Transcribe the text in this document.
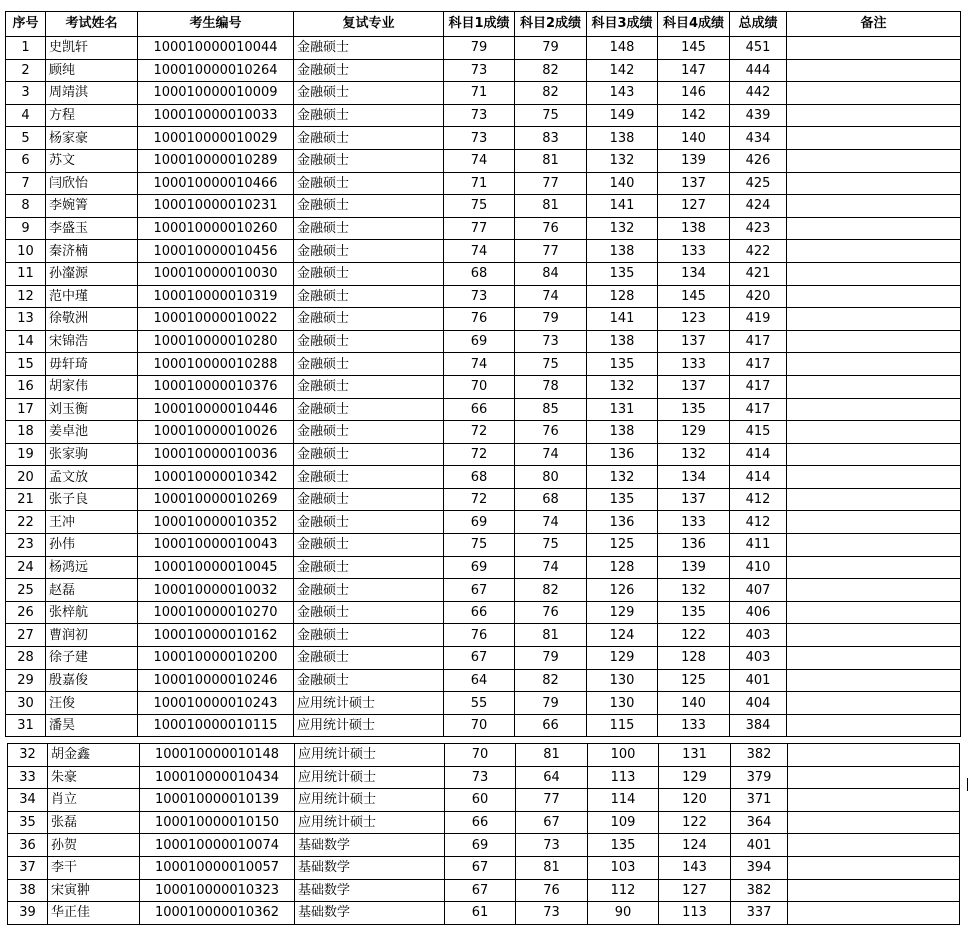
序号	考试姓名	考生编号	复试专业	科目1成绩	科目2成绩	科目3成绩	科目4成绩	总成绩	备注
1	史凯轩	100010000010044	金融硕士	79	79	148	145	451	
2	顾纯	100010000010264	金融硕士	73	82	142	147	444	
3	周靖淇	100010000010009	金融硕士	71	82	143	146	442	
4	方程	100010000010033	金融硕士	73	75	149	142	439	
5	杨家豪	100010000010029	金融硕士	73	83	138	140	434	
6	苏文	100010000010289	金融硕士	74	81	132	139	426	
7	闫欣怡	100010000010466	金融硕士	71	77	140	137	425	
8	李婉箐	100010000010231	金融硕士	75	81	141	127	424	
9	李盛玉	100010000010260	金融硕士	77	76	132	138	423	
10	秦济楠	100010000010456	金融硕士	74	77	138	133	422	
11	孙瀣源	100010000010030	金融硕士	68	84	135	134	421	
12	范中瑾	100010000010319	金融硕士	73	74	128	145	420	
13	徐敬洲	100010000010022	金融硕士	76	79	141	123	419	
14	宋锦浩	100010000010280	金融硕士	69	73	138	137	417	
15	毋轩琦	100010000010288	金融硕士	74	75	135	133	417	
16	胡家伟	100010000010376	金融硕士	70	78	132	137	417	
17	刘玉衡	100010000010446	金融硕士	66	85	131	135	417	
18	姜卓池	100010000010026	金融硕士	72	76	138	129	415	
19	张家驹	100010000010036	金融硕士	72	74	136	132	414	
20	孟文放	100010000010342	金融硕士	68	80	132	134	414	
21	张子良	100010000010269	金融硕士	72	68	135	137	412	
22	王冲	100010000010352	金融硕士	69	74	136	133	412	
23	孙伟	100010000010043	金融硕士	75	75	125	136	411	
24	杨鸿远	100010000010045	金融硕士	69	74	128	139	410	
25	赵磊	100010000010032	金融硕士	67	82	126	132	407	
26	张梓航	100010000010270	金融硕士	66	76	129	135	406	
27	曹润初	100010000010162	金融硕士	76	81	124	122	403	
28	徐子建	100010000010200	金融硕士	67	79	129	128	403	
29	殷嘉俊	100010000010246	金融硕士	64	82	130	125	401	
30	汪俊	100010000010243	应用统计硕士	55	79	130	140	404	
31	潘昊	100010000010115	应用统计硕士	70	66	115	133	384	
32	胡金鑫	100010000010148	应用统计硕士	70	81	100	131	382	
33	朱豪	100010000010434	应用统计硕士	73	64	113	129	379	
34	肖立	100010000010139	应用统计硕士	60	77	114	120	371	
35	张磊	100010000010150	应用统计硕士	66	67	109	122	364	
36	孙贺	100010000010074	基础数学	69	73	135	124	401	
37	李干	100010000010057	基础数学	67	81	103	143	394	
38	宋寅翀	100010000010323	基础数学	67	76	112	127	382	
39	华正佳	100010000010362	基础数学	61	73	90	113	337	
